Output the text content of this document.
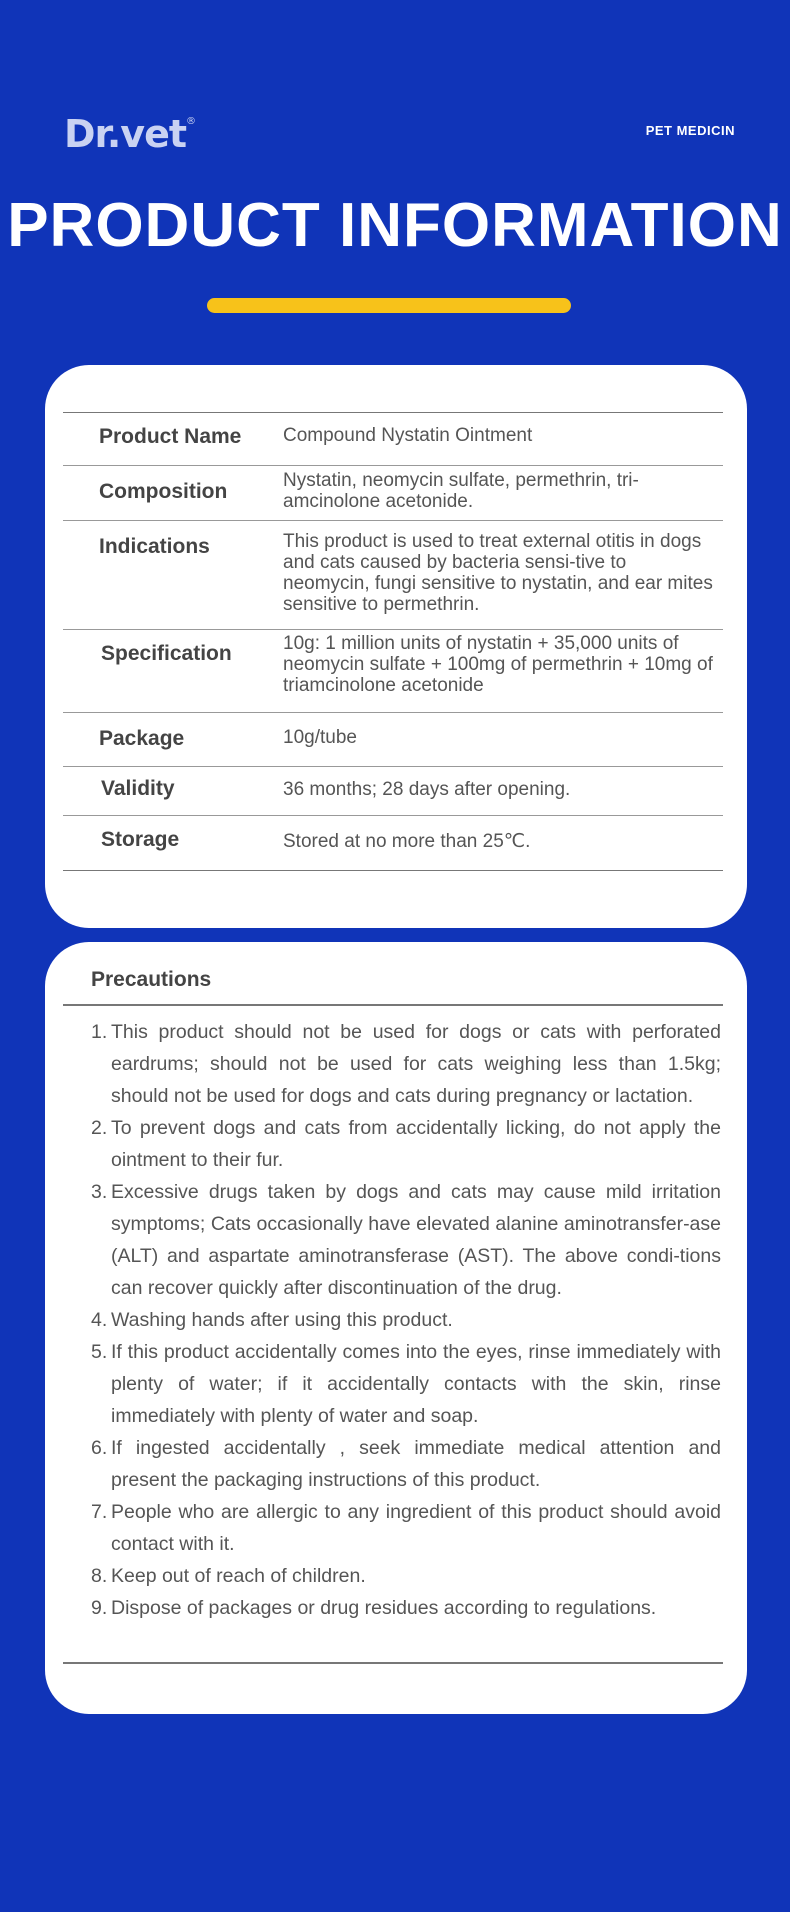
Dr.vet®
PET MEDICIN
PRODUCT INFORMATION
Product Name	Compound Nystatin Ointment
Composition	Nystatin, neomycin sulfate, permethrin, tri-amcinolone acetonide.
Indications	This product is used to treat external otitis in dogs and cats caused by bacteria sensi-tive to neomycin, fungi sensitive to nystatin, and ear mites sensitive to permethrin.
Specification	10g: 1 million units of nystatin + 35,000 units of neomycin sulfate + 100mg of permethrin + 10mg of triamcinolone acetonide
Package	10g/tube
Validity	36 months; 28 days after opening.
Storage	Stored at no more than 25℃.
Precautions
1. This product should not be used for dogs or cats with perforated eardrums; should not be used for cats weighing less than 1.5kg; should not be used for dogs and cats during pregnancy or lactation.
2. To prevent dogs and cats from accidentally licking, do not apply the ointment to their fur.
3. Excessive drugs taken by dogs and cats may cause mild irritation symptoms; Cats occasionally have elevated alanine aminotransfer-ase (ALT) and aspartate aminotransferase (AST). The above condi-tions can recover quickly after discontinuation of the drug.
4. Washing hands after using this product.
5. If this product accidentally comes into the eyes, rinse immediately with plenty of water; if it accidentally contacts with the skin, rinse immediately with plenty of water and soap.
6. If ingested accidentally , seek immediate medical attention and present the packaging instructions of this product.
7. People who are allergic to any ingredient of this product should avoid contact with it.
8. Keep out of reach of children.
9. Dispose of packages or drug residues according to regulations.
